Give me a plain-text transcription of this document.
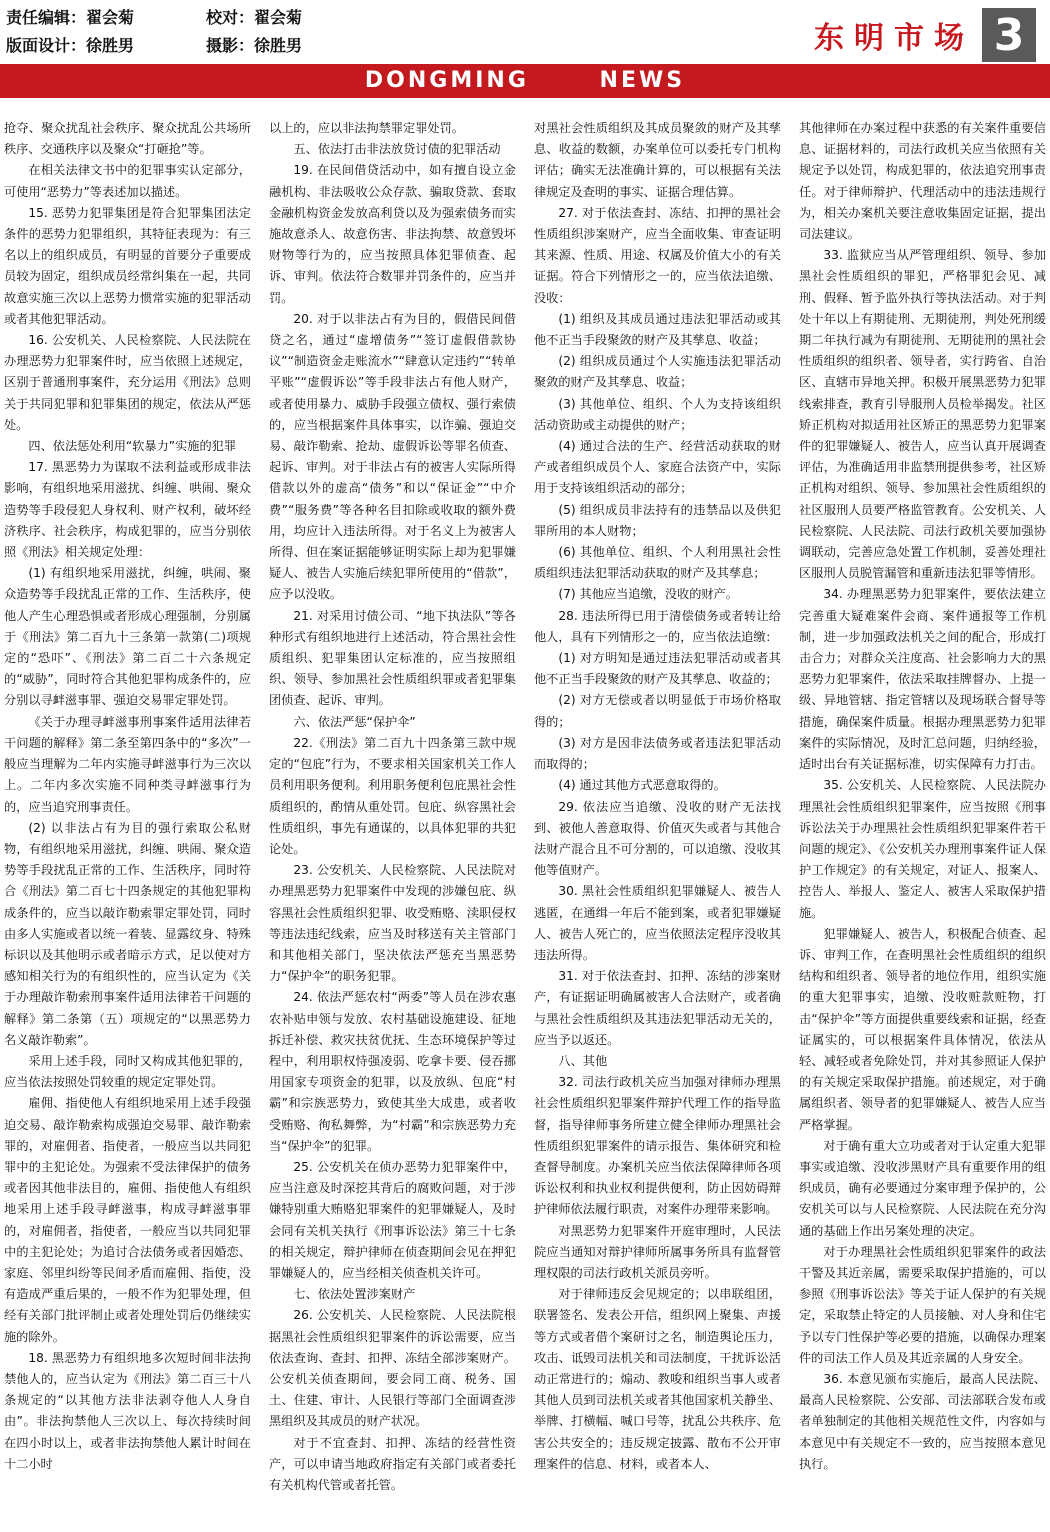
责任编辑：翟会菊	校对：翟会菊
版面设计：徐胜男	摄影：徐胜男	东明市场 3
DONGMING	NEWS

抢夺、聚众扰乱社会秩序、聚众扰乱公共场所秩序、交通秩序以及聚众“打砸抢”等。

在相关法律文书中的犯罪事实认定部分，可使用“恶势力”等表述加以描述。

15. 恶势力犯罪集团是符合犯罪集团法定条件的恶势力犯罪组织，其特征表现为：有三名以上的组织成员，有明显的首要分子重要成员较为固定，组织成员经常纠集在一起，共同故意实施三次以上恶势力惯常实施的犯罪活动或者其他犯罪活动。

16. 公安机关、人民检察院、人民法院在办理恶势力犯罪案件时，应当依照上述规定，区别于普通刑事案件，充分运用《刑法》总则关于共同犯罪和犯罪集团的规定，依法从严惩处。

四、依法惩处利用“软暴力”实施的犯罪

17. 黑恶势力为谋取不法利益或形成非法影响，有组织地采用滋扰、纠缠、哄闹、聚众造势等手段侵犯人身权利、财产权利，破坏经济秩序、社会秩序，构成犯罪的，应当分别依照《刑法》相关规定处理：

(1) 有组织地采用滋扰，纠缠，哄闹、聚众造势等手段扰乱正常的工作、生活秩序，使他人产生心理恐惧或者形成心理强制，分别属于《刑法》第二百九十三条第一款第(二)项规定的“恐吓”、《刑法》第二百二十六条规定的“威胁”，同时符合其他犯罪构成条件的，应分别以寻衅滋事罪、强迫交易罪定罪处罚。

《关于办理寻衅滋事刑事案件适用法律若干问题的解释》第二条至第四条中的“多次”一般应当理解为二年内实施寻衅滋事行为三次以上。二年内多次实施不同种类寻衅滋事行为的，应当追究刑事责任。

(2) 以非法占有为目的强行索取公私财物，有组织地采用滋扰，纠缠、哄闹、聚众造势等手段扰乱正常的工作、生活秩序，同时符合《刑法》第二百七十四条规定的其他犯罪构成条件的，应当以敲诈勒索罪定罪处罚，同时由多人实施或者以统一着装、显露纹身、特殊标识以及其他明示或者暗示方式，足以使对方感知相关行为的有组织性的，应当认定为《关于办理敲诈勒索刑事案件适用法律若干问题的解释》第二条第（五）项规定的“以黑恶势力名义敲诈勒索”。

采用上述手段，同时又构成其他犯罪的，应当依法按照处罚较重的规定定罪处罚。

雇佣、指使他人有组织地采用上述手段强迫交易、敲诈勒索构成强迫交易罪、敲诈勒索罪的，对雇佣者、指使者，一般应当以共同犯罪中的主犯论处。为强索不受法律保护的债务或者因其他非法目的，雇佣、指使他人有组织地采用上述手段寻衅滋事，构成寻衅滋事罪的，对雇佣者，指使者，一般应当以共同犯罪中的主犯论处；为追讨合法债务或者因婚恋、家庭、邻里纠纷等民间矛盾而雇佣、指使，没有造成严重后果的，一般不作为犯罪处理，但经有关部门批评制止或者处理处罚后仍继续实施的除外。

18. 黑恶势力有组织地多次短时间非法拘禁他人的，应当认定为《刑法》第二百三十八条规定的“以其他方法非法剥夺他人人身自由”。非法拘禁他人三次以上、每次持续时间在四小时以上，或者非法拘禁他人累计时间在十二小时

以上的，应以非法拘禁罪定罪处罚。

五、依法打击非法放贷讨债的犯罪活动

19. 在民间借贷活动中，如有擅自设立金融机构、非法吸收公众存款、骗取贷款、套取金融机构资金发放高利贷以及为强索债务而实施故意杀人、故意伤害、非法拘禁、故意毁坏财物等行为的，应当按照具体犯罪侦查、起诉、审判。依法符合数罪并罚条件的，应当并罚。

20. 对于以非法占有为目的，假借民间借贷之名，通过“虚增债务”“签订虚假借款协议”“制造资金走账流水”“肆意认定违约”“转单平账”“虚假诉讼”等手段非法占有他人财产，或者使用暴力、威胁手段强立债权、强行索债的，应当根据案件具体事实，以诈骗、强迫交易、敲诈勒索、抢劫、虚假诉讼等罪名侦查、起诉、审判。对于非法占有的被害人实际所得借款以外的虚高“债务”和以“保证金”“中介费”“服务费”等各种名目扣除或收取的额外费用，均应计入违法所得。对于名义上为被害人所得、但在案证据能够证明实际上却为犯罪嫌疑人、被告人实施后续犯罪所使用的“借款”，应予以没收。

21. 对采用讨债公司、“地下执法队”等各种形式有组织地进行上述活动，符合黑社会性质组织、犯罪集团认定标准的，应当按照组织、领导、参加黑社会性质组织罪或者犯罪集团侦查、起诉、审判。

六、依法严惩“保护伞”

22.《刑法》第二百九十四条第三款中规定的“包庇”行为，不要求相关国家机关工作人员利用职务便利。利用职务便利包庇黑社会性质组织的，酌情从重处罚。包庇、纵容黑社会性质组织，事先有通谋的，以具体犯罪的共犯论处。

23. 公安机关、人民检察院、人民法院对办理黑恶势力犯罪案件中发现的涉嫌包庇、纵容黑社会性质组织犯罪、收受贿赂、渎职侵权等违法违纪线索，应当及时移送有关主管部门和其他相关部门，坚决依法严惩充当黑恶势力“保护伞”的职务犯罪。

24. 依法严惩农村“两委”等人员在涉农惠农补贴申领与发放、农村基础设施建设、征地拆迁补偿、救灾扶贫优抚、生态环境保护等过程中，利用职权恃强凌弱、吃拿卡要、侵吞挪用国家专项资金的犯罪，以及放纵、包庇“村霸”和宗族恶势力，致使其坐大成患，或者收受贿赂、徇私舞弊，为“村霸”和宗族恶势力充当“保护伞”的犯罪。

25. 公安机关在侦办恶势力犯罪案件中，应当注意及时深挖其背后的腐败问题，对于涉嫌特别重大贿赂犯罪案件的犯罪嫌疑人，及时会同有关机关执行《刑事诉讼法》第三十七条的相关规定，辩护律师在侦查期间会见在押犯罪嫌疑人的，应当经相关侦查机关许可。

七、依法处置涉案财产

26. 公安机关、人民检察院、人民法院根据黑社会性质组织犯罪案件的诉讼需要，应当依法查询、查封、扣押、冻结全部涉案财产。公安机关侦查期间，要会同工商、税务、国土、住建、审计、人民银行等部门全面调查涉黑组织及其成员的财产状况。

对于不宜查封、扣押、冻结的经营性资产，可以申请当地政府指定有关部门或者委托有关机构代管或者托管。

对黑社会性质组织及其成员聚敛的财产及其孳息、收益的数额，办案单位可以委托专门机构评估；确实无法准确计算的，可以根据有关法律规定及查明的事实、证据合理估算。

27. 对于依法查封、冻结、扣押的黑社会性质组织涉案财产，应当全面收集、审查证明其来源、性质、用途、权属及价值大小的有关证据。符合下列情形之一的，应当依法追缴、没收：

(1) 组织及其成员通过违法犯罪活动或其他不正当手段聚敛的财产及其孳息、收益；

(2) 组织成员通过个人实施违法犯罪活动聚敛的财产及其孳息、收益；

(3) 其他单位、组织、个人为支持该组织活动资助或主动提供的财产；

(4) 通过合法的生产、经营活动获取的财产或者组织成员个人、家庭合法资产中，实际用于支持该组织活动的部分；

(5) 组织成员非法持有的违禁品以及供犯罪所用的本人财物；

(6) 其他单位、组织、个人利用黑社会性质组织违法犯罪活动获取的财产及其孳息；

(7) 其他应当追缴，没收的财产。

28. 违法所得已用于清偿债务或者转让给他人，具有下列情形之一的，应当依法追缴：

(1) 对方明知是通过违法犯罪活动或者其他不正当手段聚敛的财产及其孳息、收益的；

(2) 对方无偿或者以明显低于市场价格取得的；

(3) 对方是因非法债务或者违法犯罪活动而取得的；

(4) 通过其他方式恶意取得的。

29. 依法应当追缴、没收的财产无法找到、被他人善意取得、价值灭失或者与其他合法财产混合且不可分割的，可以追缴、没收其他等值财产。

30. 黑社会性质组织犯罪嫌疑人、被告人逃匿，在通缉一年后不能到案，或者犯罪嫌疑人、被告人死亡的，应当依照法定程序没收其违法所得。

31. 对于依法查封、扣押、冻结的涉案财产，有证据证明确属被害人合法财产，或者确与黑社会性质组织及其违法犯罪活动无关的，应当予以返还。

八、其他

32. 司法行政机关应当加强对律师办理黑社会性质组织犯罪案件辩护代理工作的指导监督，指导律师事务所建立健全律师办理黑社会性质组织犯罪案件的请示报告、集体研究和检查督导制度。办案机关应当依法保障律师各项诉讼权利和执业权利提供便利，防止因妨碍辩护律师依法履行职责，对案件办理带来影响。

对黑恶势力犯罪案件开庭审理时，人民法院应当通知对辩护律师所属事务所具有监督管理权限的司法行政机关派员旁听。

对于律师违反会见规定的；以串联组团，联署签名、发表公开信，组织网上聚集、声援等方式或者借个案研讨之名，制造舆论压力，攻击、诋毁司法机关和司法制度，干扰诉讼活动正常进行的；煽动、教唆和组织当事人或者其他人员到司法机关或者其他国家机关静坐、举牌、打横幅、喊口号等，扰乱公共秩序、危害公共安全的；违反规定披露、散布不公开审理案件的信息、材料，或者本人、

其他律师在办案过程中获悉的有关案件重要信息、证据材料的，司法行政机关应当依照有关规定予以处罚，构成犯罪的，依法追究刑事责任。对于律师辩护、代理活动中的违法违规行为，相关办案机关要注意收集固定证据，提出司法建议。

33. 监狱应当从严管理组织、领导、参加黑社会性质组织的罪犯，严格罪犯会见、减刑、假释、暂予监外执行等执法活动。对于判处十年以上有期徒刑、无期徒刑，判处死刑缓期二年执行减为有期徒刑、无期徒刑的黑社会性质组织的组织者、领导者，实行跨省、自治区、直辖市异地关押。积极开展黑恶势力犯罪线索排查，教育引导服刑人员检举揭发。社区矫正机构对拟适用社区矫正的黑恶势力犯罪案件的犯罪嫌疑人、被告人，应当认真开展调查评估，为准确适用非监禁刑提供参考，社区矫正机构对组织、领导、参加黑社会性质组织的社区服刑人员要严格监管教育。公安机关、人民检察院、人民法院、司法行政机关要加强协调联动，完善应急处置工作机制，妥善处理社区服刑人员脱管漏管和重新违法犯罪等情形。

34. 办理黑恶势力犯罪案件，要依法建立完善重大疑难案件会商、案件通报等工作机制，进一步加强政法机关之间的配合，形成打击合力；对群众关注度高、社会影响力大的黑恶势力犯罪案件，依法采取挂牌督办、上提一级、异地管辖、指定管辖以及现场联合督导等措施，确保案件质量。根据办理黑恶势力犯罪案件的实际情况，及时汇总问题，归纳经验，适时出台有关证据标准，切实保障有力打击。

35. 公安机关、人民检察院、人民法院办理黑社会性质组织犯罪案件，应当按照《刑事诉讼法关于办理黑社会性质组织犯罪案件若干问题的规定》、《公安机关办理刑事案件证人保护工作规定》的有关规定，对证人、报案人、控告人、举报人、鉴定人、被害人采取保护措施。

犯罪嫌疑人、被告人，积极配合侦查、起诉、审判工作，在查明黑社会性质组织的组织结构和组织者、领导者的地位作用，组织实施的重大犯罪事实，追缴、没收赃款赃物，打击“保护伞”等方面提供重要线索和证据，经查证属实的，可以根据案件具体情况，依法从轻、减轻或者免除处罚，并对其参照证人保护的有关规定采取保护措施。前述规定，对于确属组织者、领导者的犯罪嫌疑人、被告人应当严格掌握。

对于确有重大立功或者对于认定重大犯罪事实或追缴、没收涉黑财产具有重要作用的组织成员，确有必要通过分案审理予保护的，公安机关可以与人民检察院、人民法院在充分沟通的基础上作出另案处理的决定。

对于办理黑社会性质组织犯罪案件的政法干警及其近亲属，需要采取保护措施的，可以参照《刑事诉讼法》等关于证人保护的有关规定，采取禁止特定的人员接触、对人身和住宅予以专门性保护等必要的措施，以确保办理案件的司法工作人员及其近亲属的人身安全。

36. 本意见颁布实施后，最高人民法院、最高人民检察院、公安部、司法部联合发布或者单独制定的其他相关规范性文件，内容如与本意见中有关规定不一致的，应当按照本意见执行。
